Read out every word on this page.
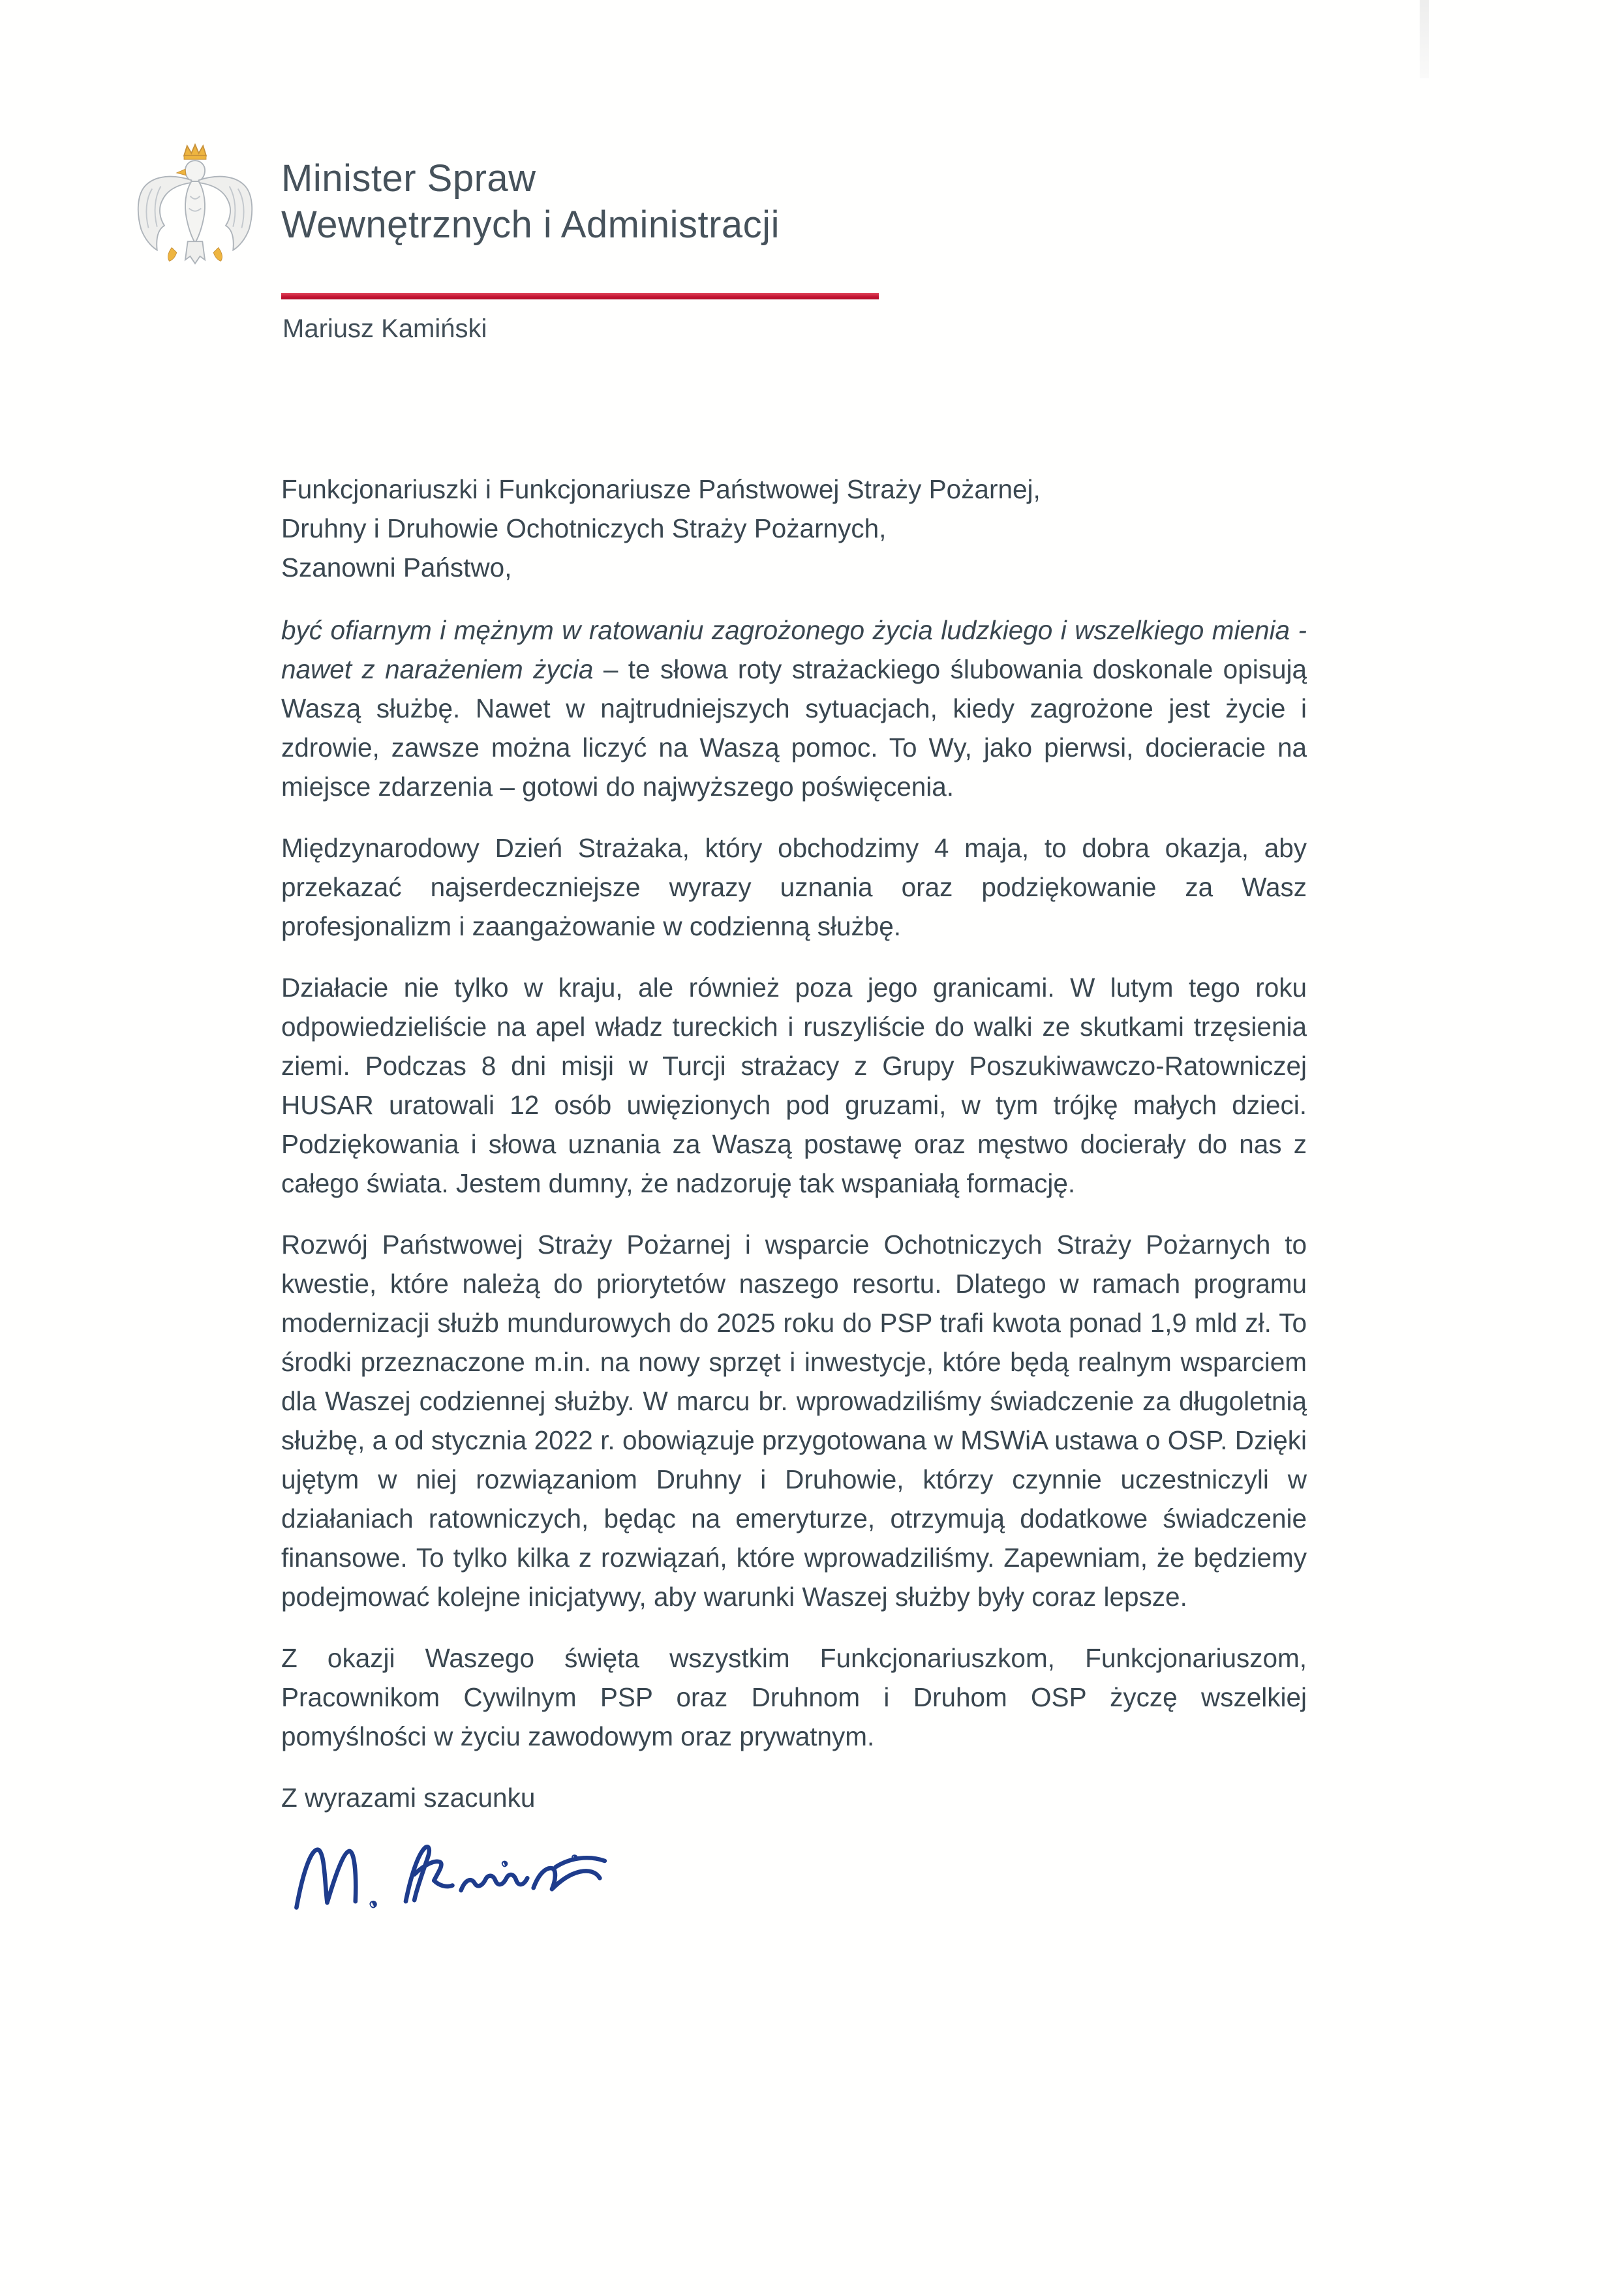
Minister Spraw
Wewnętrznych i Administracji
Mariusz Kamiński
Funkcjonariuszki i Funkcjonariusze Państwowej Straży Pożarnej,
Druhny i Druhowie Ochotniczych Straży Pożarnych,
Szanowni Państwo,
być ofiarnym i mężnym w ratowaniu zagrożonego życia ludzkiego i wszelkiego mienia - nawet z narażeniem życia – te słowa roty strażackiego ślubowania doskonale opisują Waszą służbę. Nawet w najtrudniejszych sytuacjach, kiedy zagrożone jest życie i zdrowie, zawsze można liczyć na Waszą pomoc. To Wy, jako pierwsi, docieracie na miejsce zdarzenia – gotowi do najwyższego poświęcenia.
Międzynarodowy Dzień Strażaka, który obchodzimy 4 maja, to dobra okazja, aby przekazać najserdeczniejsze wyrazy uznania oraz podziękowanie za Wasz profesjonalizm i zaangażowanie w codzienną służbę.
Działacie nie tylko w kraju, ale również poza jego granicami. W lutym tego roku odpowiedzieliście na apel władz tureckich i ruszyliście do walki ze skutkami trzęsienia ziemi. Podczas 8 dni misji w Turcji strażacy z Grupy Poszukiwawczo-Ratowniczej HUSAR uratowali 12 osób uwięzionych pod gruzami, w tym trójkę małych dzieci. Podziękowania i słowa uznania za Waszą postawę oraz męstwo docierały do nas z całego świata. Jestem dumny, że nadzoruję tak wspaniałą formację.
Rozwój Państwowej Straży Pożarnej i wsparcie Ochotniczych Straży Pożarnych to kwestie, które należą do priorytetów naszego resortu. Dlatego w ramach programu modernizacji służb mundurowych do 2025 roku do PSP trafi kwota ponad 1,9 mld zł. To środki przeznaczone m.in. na nowy sprzęt i inwestycje, które będą realnym wsparciem dla Waszej codziennej służby. W marcu br. wprowadziliśmy świadczenie za długoletnią służbę, a od stycznia 2022 r. obowiązuje przygotowana w MSWiA ustawa o OSP. Dzięki ujętym w niej rozwiązaniom Druhny i Druhowie, którzy czynnie uczestniczyli w działaniach ratowniczych, będąc na emeryturze, otrzymują dodatkowe świadczenie finansowe. To tylko kilka z rozwiązań, które wprowadziliśmy. Zapewniam, że będziemy podejmować kolejne inicjatywy, aby warunki Waszej służby były coraz lepsze.
Z okazji Waszego święta wszystkim Funkcjonariuszkom, Funkcjonariuszom, Pracownikom Cywilnym PSP oraz Druhnom i Druhom OSP życzę wszelkiej pomyślności w życiu zawodowym oraz prywatnym.
Z wyrazami szacunku
